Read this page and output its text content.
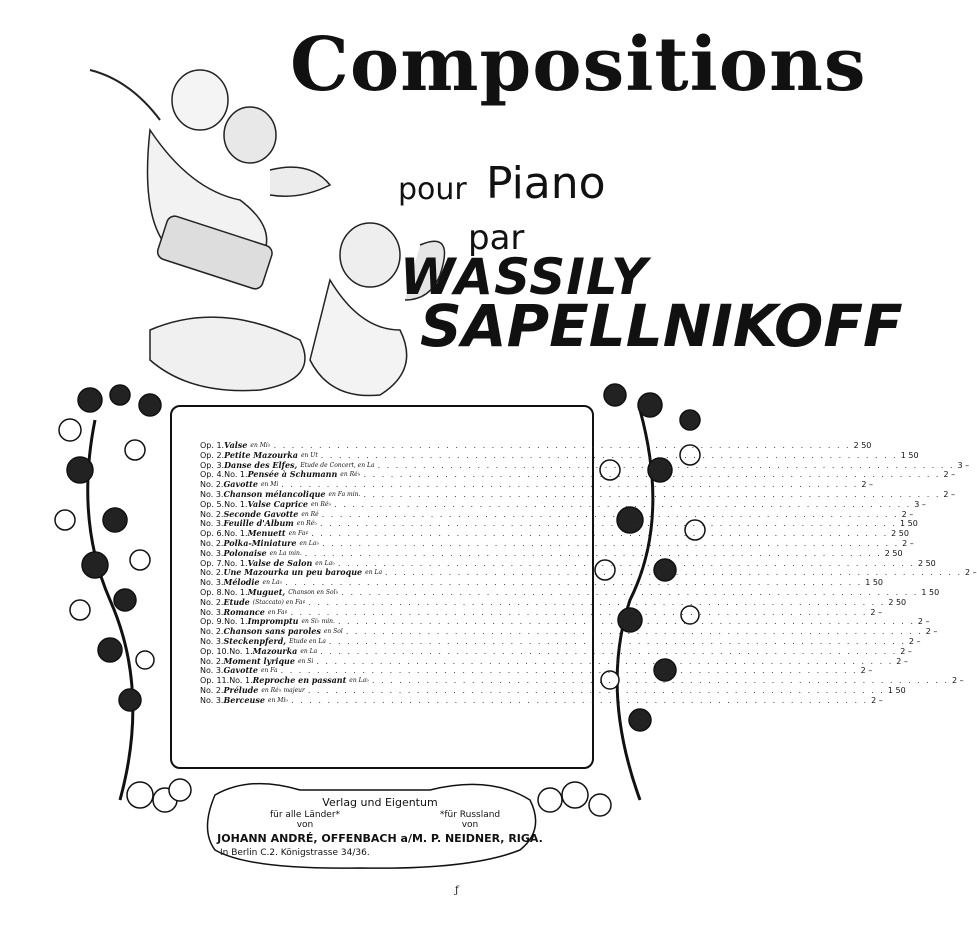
Compositions
pour Piano
par
WASSILY
SAPELLNIKOFF
Op. 1. Valse en Mi♭ . . .	2 50
Op. 2. Petite Mazourka en Ut . . .	1 50
Op. 3. Danse des Elfes, Etude de Concert, en La . . .	3 –
Op. 4. No. 1. Pensée à Schumann en Ré♭ . . .	2 –
No. 2. Gavotte en Mi . . .	2 –
No. 3. Chanson mélancolique en Fa min. . . .	2 –
Op. 5. No. 1. Valse Caprice en Ré♭ . . .	3 –
No. 2. Seconde Gavotte en Ré . . .	2 –
No. 3. Feuille d'Album en Ré♭ . . .	1 50
Op. 6. No. 1. Menuett en Fa♯ . . .	2 50
No. 2. Polka-Miniature en La♭ . . .	2 –
No. 3. Polonaise en La min. . . .	2 50
Op. 7. No. 1. Valse de Salon en La♭ . . .	2 50
No. 2. Une Mazourka un peu baroque en La . . .	2 –
No. 3. Mélodie en La♭ . . .	1 50
Op. 8. No. 1. Muguet, Chanson en Sol♭ . . .	1 50
No. 2. Etude (Staccato) en Fa♯ . . .	2 50
No. 3. Romance en Fa♯ . . .	2 –
Op. 9. No. 1. Impromptu en Si♭ min. . . .	2 –
No. 2. Chanson sans paroles en Sol . . .	2 –
No. 3. Steckenpferd, Etude en La . . .	2 –
Op. 10. No. 1. Mazourka en La . . .	2 –
No. 2. Moment lyrique en Si . . .	2 –
No. 3. Gavotte en Fa . . .	2 –
Op. 11. No. 1. Reproche en passant en La♭ . . .	2 –
No. 2. Prélude en Ré♭ majeur . . .	1 50
No. 3. Berceuse en Mi♭ . . .	2 –
Verlag und Eigentum
für alle Länder*
von
*für Russland
von
JOHANN ANDRÉ, OFFENBACH a/M. P. NEIDNER, RIGA.
In Berlin C.2. Königstrasse 34/36.
ƒ
